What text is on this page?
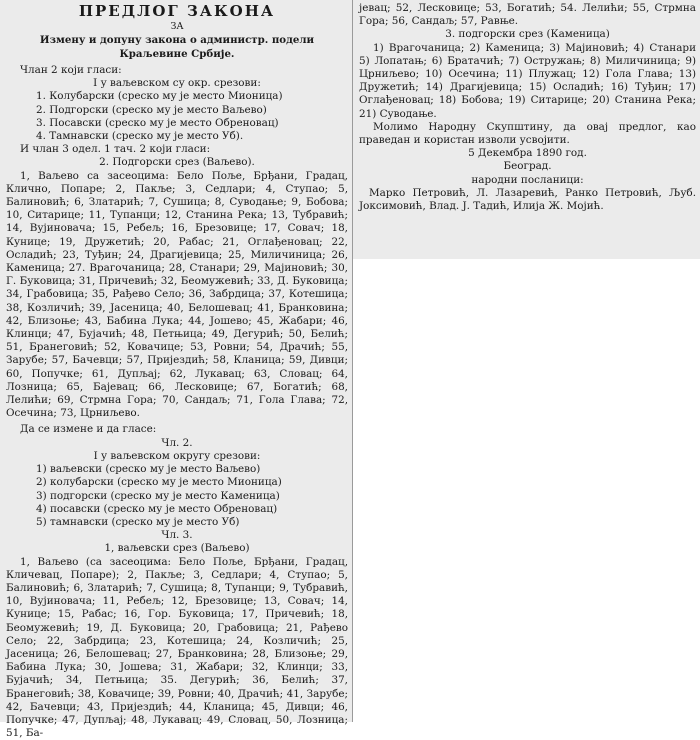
ПРЕДЛОГ ЗАКОНА
ЗА
Измену и допуну закона о администр. подели Краљевине Србије.

Члан 2 који гласи:

I у ваљевском су окр. срезови:

1. Колубарски (среско му је место Мионица)

2. Подгорски (среско му је место Ваљево)

3. Посавски (среско му је место Обреновац)

4. Тамнавски (среско му је место Уб).

И члан 3 одел. 1 тач. 2 који гласи:

2. Подгорски срез (Ваљево).

1, Ваљево са засеоцима: Бело Поље, Брђани, Градац, Клично, Попаре; 2, Пакље; 3, Седлари; 4, Ступао; 5, Балиновић; 6, Златарић; 7, Сушица; 8, Суводање; 9, Бобова; 10, Ситарице; 11, Тупанци; 12, Станина Река; 13, Тубравић; 14, Вујиновача; 15, Ребељ; 16, Брезовице; 17, Совач; 18, Кунице; 19, Дружетић; 20, Рабас; 21, Оглађеновац; 22, Осладић; 23, Туђин; 24, Драгијевица; 25, Миличиница; 26, Каменица; 27. Врагочаница; 28, Станари; 29, Мајиновић; 30, Г. Буковица; 31, Причевић; 32, Беомужевић; 33, Д. Буковица; 34, Грабовица; 35, Рађево Село; 36, Забрдица; 37, Котешица; 38, Козличић; 39, Јасеница; 40, Белошевац; 41, Бранковина; 42, Близоње; 43, Бабина Лука; 44, Јошево; 45, Жабари; 46, Клинци; 47, Бујачић; 48, Петњица; 49, Дегурић; 50, Белић; 51, Бранеговић; 52, Ковачице; 53, Ровни; 54, Драчић; 55, Зарубе; 57, Бачевци; 57, Пријездић; 58, Кланица; 59, Дивци; 60, Попучке; 61, Дупљај; 62, Лукавац; 63, Словац; 64, Лозница; 65, Бајевац; 66, Лесковице; 67, Богатић; 68, Лелићи; 69, Стрмна Гора; 70, Сандаљ; 71, Гола Глава; 72, Осечина; 73, Црниљево.

Да се измене и да гласе:

Чл. 2.

I у ваљевском округу срезови:

1) ваљевски (среско му је место Ваљево)

2) колубарски (среско му је место Мионица)

3) подгорски (среско му је место Каменица)

4) посавски (среско му је место Обреновац)

5) тамнавски (среско му је место Уб)

Чл. 3.

1, ваљевски срез (Ваљево)

1, Ваљево (са засеоцима: Бело Поље, Брђани, Градац, Кличевац, Попаре); 2, Пакље; 3, Седлари; 4, Ступао; 5, Балиновић; 6, Златарић; 7, Сушица; 8, Тупанци; 9, Тубравић, 10, Вујиновача; 11, Ребељ; 12, Брезовице; 13, Совач; 14, Кунице; 15, Рабас; 16, Гор. Буковица; 17, Причевић; 18, Беомужевић; 19, Д. Буковица; 20, Грабовица; 21, Рађево Село; 22, Забрдица; 23, Котешица; 24, Козличић; 25, Јасеница; 26, Белошевац; 27, Бранковина; 28, Близоње; 29, Бабина Лука; 30, Јошева; 31, Жабари; 32, Клинци; 33, Бујачић; 34, Петњица; 35. Дегурић; 36, Белић; 37, Бранеговић; 38, Ковачице; 39, Ровни; 40, Драчић; 41, Зарубе; 42, Бачевци; 43, Пријездић; 44, Кланица; 45, Дивци; 46, Попучке; 47, Дупљај; 48, Лукавац; 49, Словац, 50, Лозница; 51, Ба-

јевац; 52, Лесковице; 53, Богатић; 54. Лелићи; 55, Стрмна Гора; 56, Сандаљ; 57, Равње.

3. подгорски срез (Каменица)

1) Врагочаница; 2) Каменица; 3) Мајиновић; 4) Станари 5) Лопатањ; 6) Братачић; 7) Остружањ; 8) Миличиница; 9) Црниљево; 10) Осечина; 11) Плужац; 12) Гола Глава; 13) Дружетић; 14) Драгијевица; 15) Осладић; 16) Туђин; 17) Оглађеновац; 18) Бобова; 19) Ситарице; 20) Станина Река; 21) Суводање.

Молимо Народну Скупштину, да овај предлог, као праведан и користан изволи усвојити.

5 Декембра 1890 год.

Београд.

народни посланици:

Марко Петровић, Л. Лазаревић, Ранко Петровић, Љуб. Јоксимовић, Влад. Ј. Тадић, Илија Ж. Мојић.
